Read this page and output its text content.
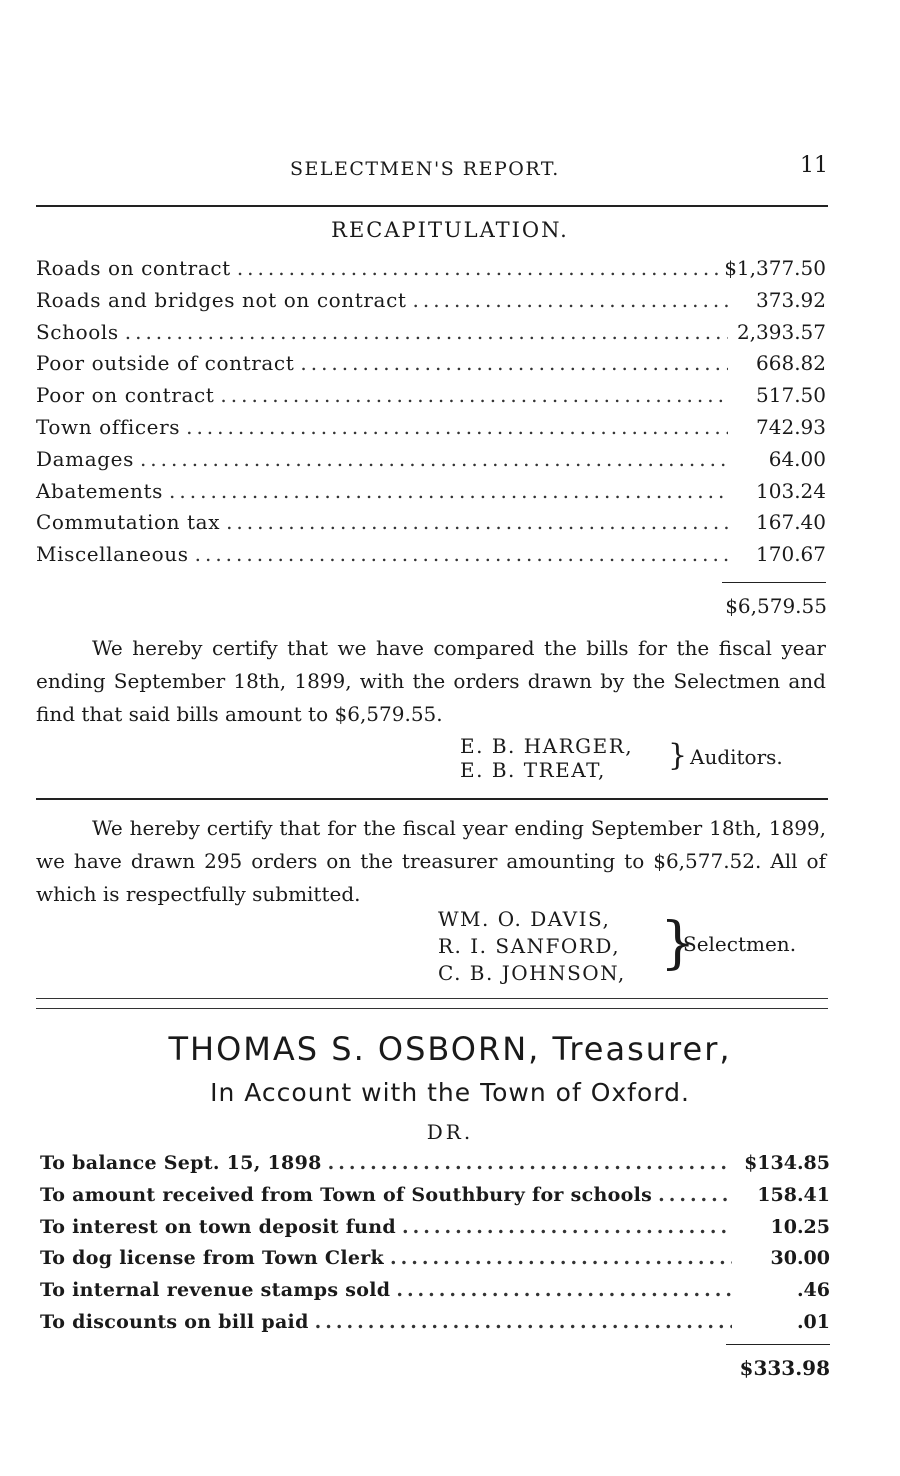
SELECTMEN'S REPORT.	11
RECAPITULATION.
Roads on contract .....	$1,377.50
Roads and bridges not on contract .....	373.92
Schools .....	2,393.57
Poor outside of contract .....	668.82
Poor on contract .....	517.50
Town officers .....	742.93
Damages .....	64.00
Abatements .....	103.24
Commutation tax .....	167.40
Miscellaneous .....	170.67
$6,579.55
We hereby certify that we have compared the bills for the fiscal year ending September 18th, 1899, with the orders drawn by the Selectmen and find that said bills amount to $6,579.55.
E. B. HARGER,
E. B. TREAT,	} Auditors.
We hereby certify that for the fiscal year ending September 18th, 1899, we have drawn 295 orders on the treasurer amounting to $6,577.52. All of which is respectfully submitted.
WM. O. DAVIS,
R. I. SANFORD,
C. B. JOHNSON, }
Selectmen.
THOMAS S. OSBORN, Treasurer,
In Account with the Town of Oxford.
DR.
To balance Sept. 15, 1898 .....	$134.85
To amount received from Town of Southbury for schools .....	158.41
To interest on town deposit fund .....	10.25
To dog license from Town Clerk .....	30.00
To internal revenue stamps sold .....	.46
To discounts on bill paid .....	.01
$333.98
